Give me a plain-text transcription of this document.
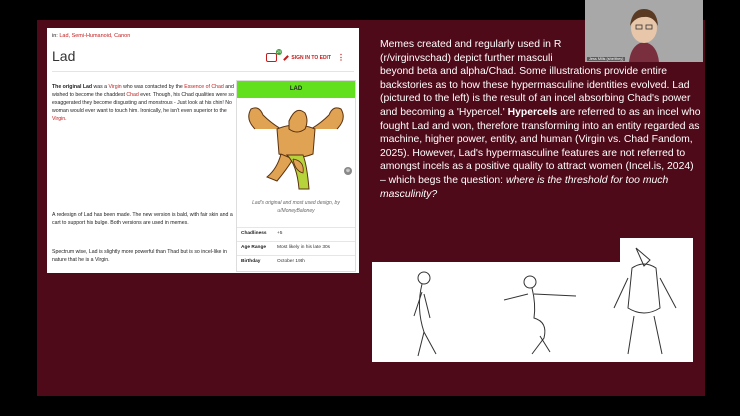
in: Lad, Semi-Humanoid, Canon
Lad	29
SIGN IN TO EDIT ⋮
The original Lad was a Virgin who was contacted by the Essence of Chad and wished to become the chaddest Chad ever. Though, his Chad qualities were so exaggerated they become disgusting and monstrous - Just look at his chin! No woman would ever want to touch him. Ironically, he isn't even superior to the Virgin.
A redesign of Lad has been made. The new version is bald, with fair skin and a cart to support his bulge. Both versions are used in memes.
Spectrum wise, Lad is slightly more powerful than Thad but is so incel-like in nature that he is a Virgin.
LAD
⊕
Lad's original and most used design, by u/MoneyBaloney
Chadliness +5
Age Range Most likely in his late 30s
Birthday	October 19th
Memes created and regularly used in R
(r/virginvschad) depict further masculi
beyond beta and alpha/Chad. Some illustrations provide entire backstories as to how these hypermasculine identities evolved. Lad (pictured to the left) is the result of an incel absorbing Chad's power and becoming a 'Hypercel.' Hypercels are referred to as an incel who fought Lad and won, therefore transforming into an entity regarded as machine, higher power, entity, and human (Virgin vs. Chad Fandom, 2025). However, Lad's hypermasculine features are not referred to amongst incels as a positive quality to attract women (Incel.is, 2024) – which begs the question: where is the threshold for too much masculinity?
Jess Mills (she/they)
